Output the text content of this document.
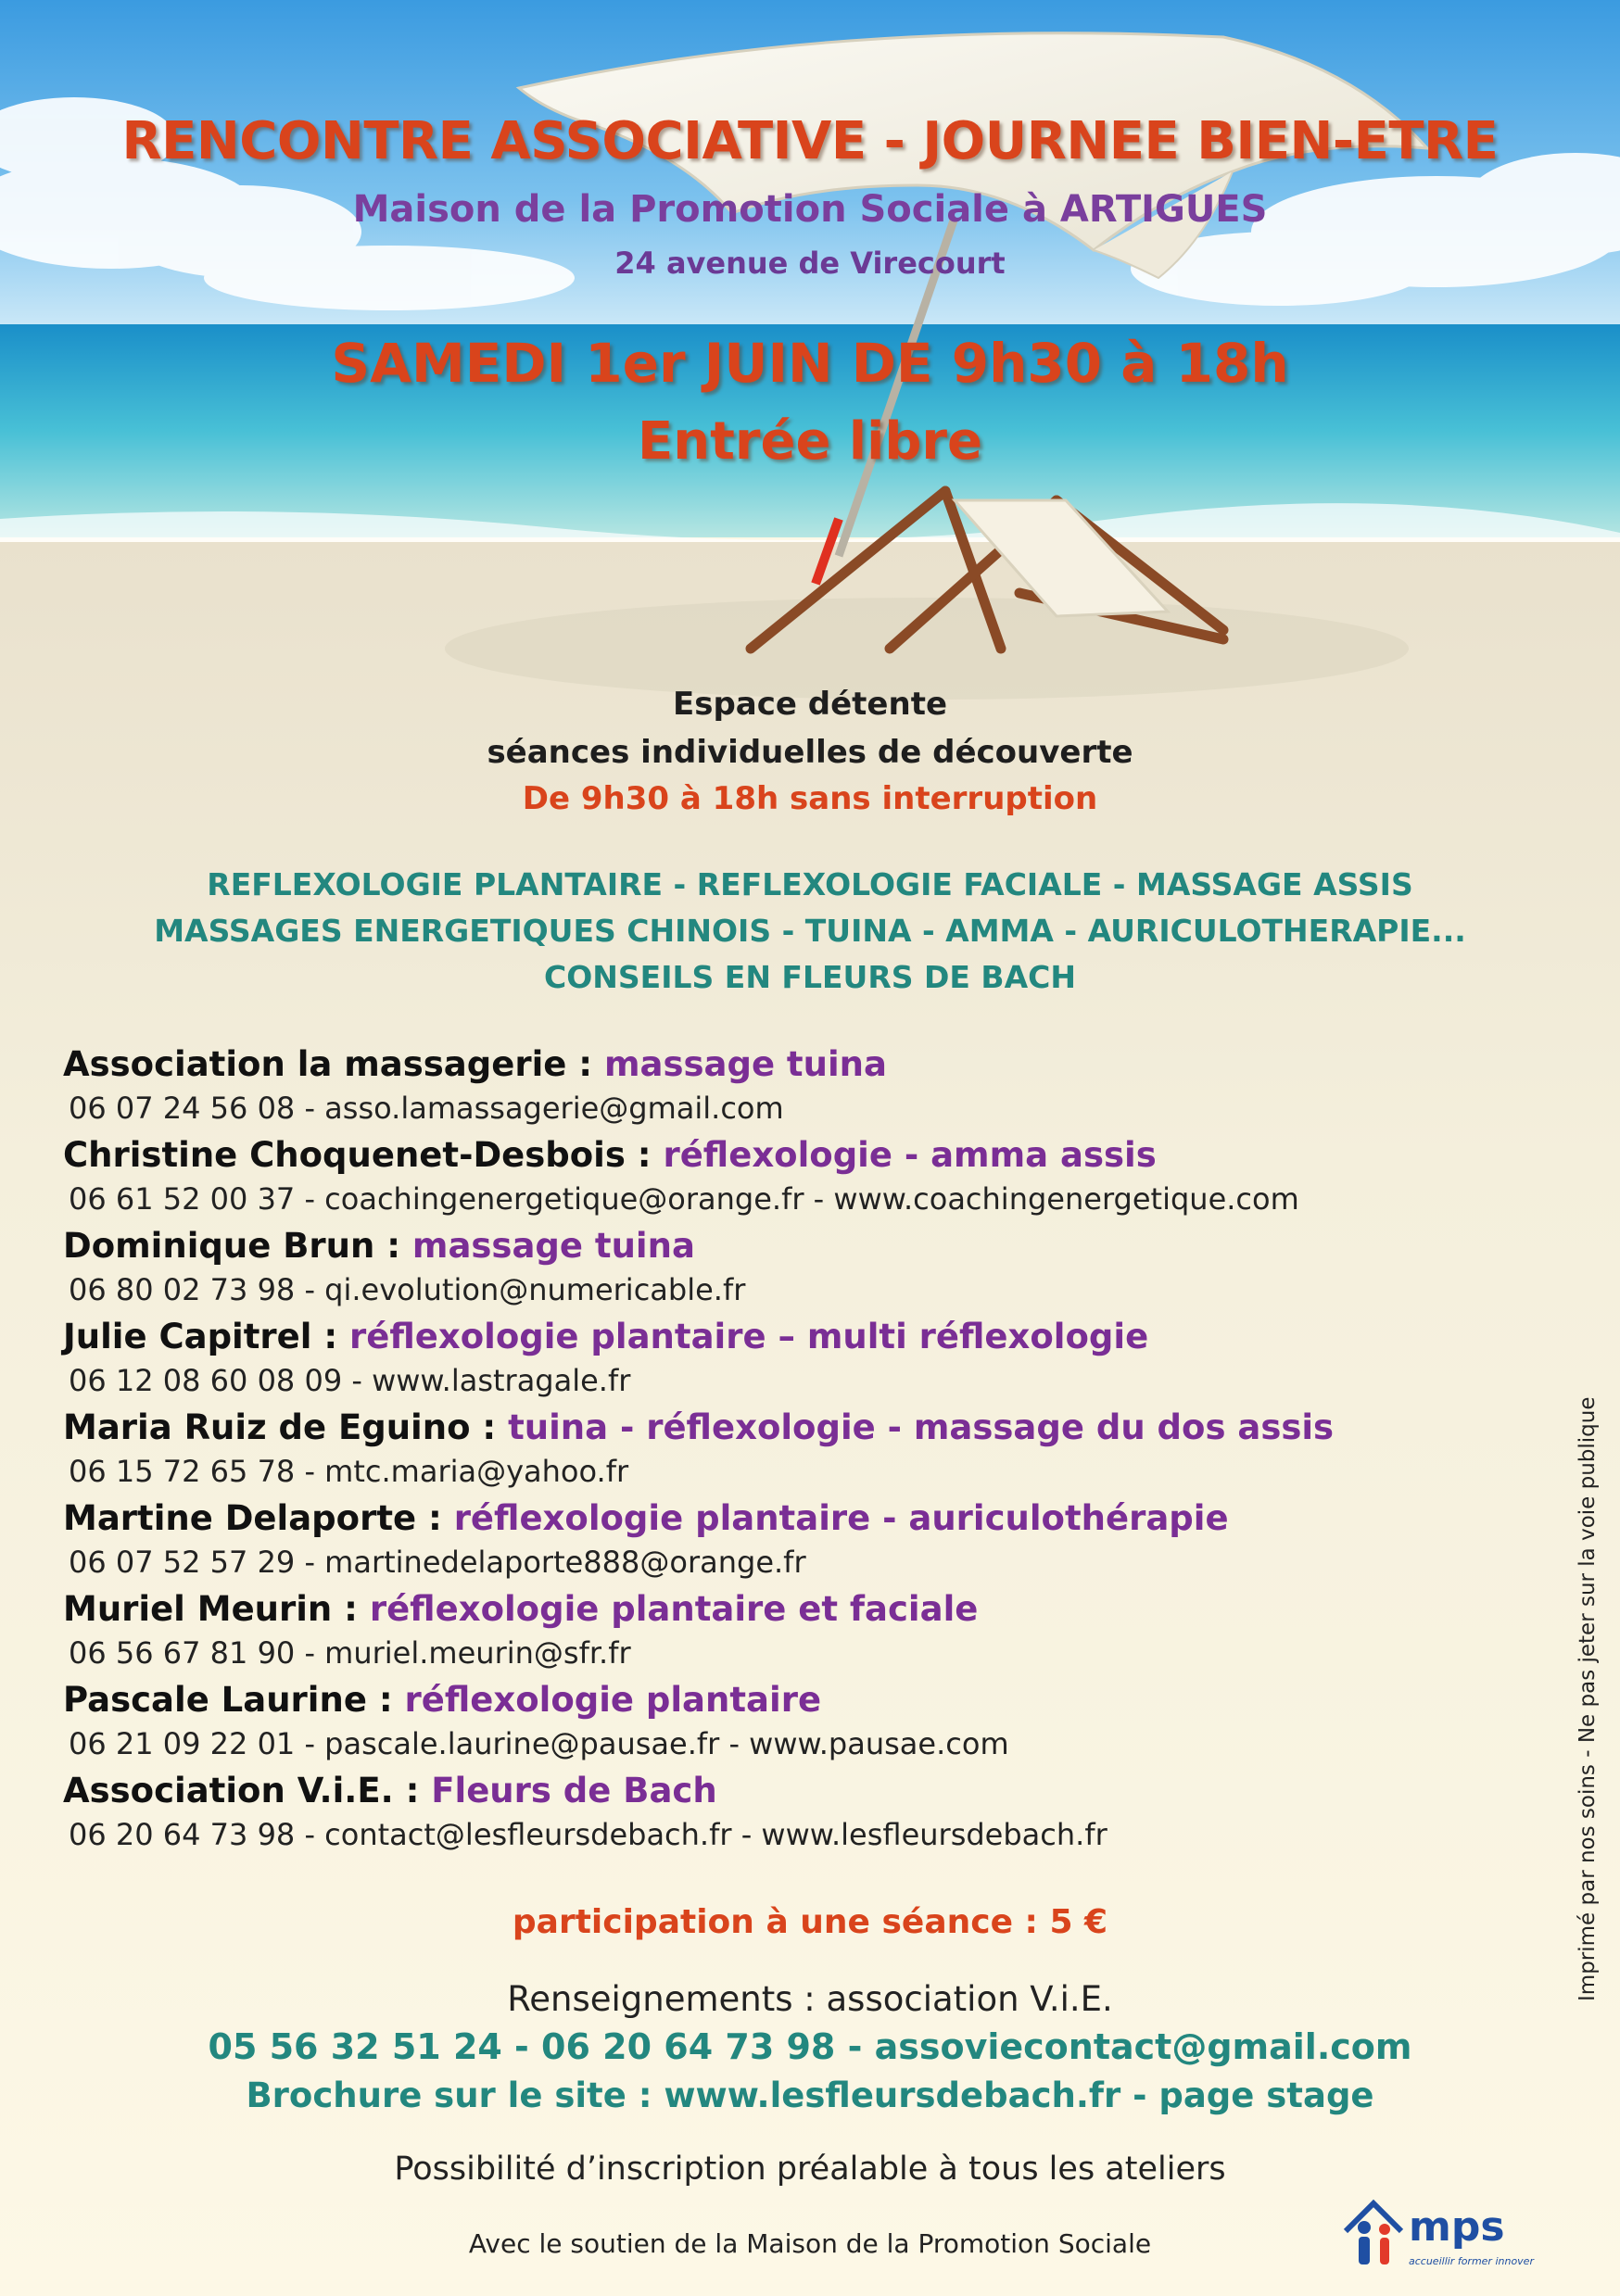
RENCONTRE ASSOCIATIVE - JOURNEE BIEN-ETRE
Maison de la Promotion Sociale à ARTIGUES
24 avenue de Virecourt
SAMEDI 1er JUIN DE 9h30 à 18h
Entrée libre
Espace détente
séances individuelles de découverte
De 9h30 à 18h sans interruption
REFLEXOLOGIE PLANTAIRE - REFLEXOLOGIE FACIALE - MASSAGE ASSIS
MASSAGES ENERGETIQUES CHINOIS - TUINA - AMMA - AURICULOTHERAPIE...
CONSEILS EN FLEURS DE BACH
Association la massagerie : massage tuina
06 07 24 56 08 - asso.lamassagerie@gmail.com
Christine Choquenet-Desbois : réflexologie - amma assis
06 61 52 00 37 - coachingenergetique@orange.fr - www.coachingenergetique.com
Dominique Brun : massage tuina
06 80 02 73 98 - qi.evolution@numericable.fr
Julie Capitrel : réflexologie plantaire – multi réflexologie
06 12 08 60 08 09 - www.lastragale.fr
Maria Ruiz de Eguino : tuina - réflexologie - massage du dos assis
06 15 72 65 78 - mtc.maria@yahoo.fr
Martine Delaporte : réflexologie plantaire - auriculothérapie
06 07 52 57 29 - martinedelaporte888@orange.fr
Muriel Meurin : réflexologie plantaire et faciale
06 56 67 81 90 - muriel.meurin@sfr.fr
Pascale Laurine : réflexologie plantaire
06 21 09 22 01 - pascale.laurine@pausae.fr - www.pausae.com
Association V.i.E. : Fleurs de Bach
06 20 64 73 98 - contact@lesfleursdebach.fr - www.lesfleursdebach.fr
participation à une séance : 5 €
Renseignements : association V.i.E.
05 56 32 51 24 - 06 20 64 73 98 - assoviecontact@gmail.com
Brochure sur le site : www.lesfleursdebach.fr - page stage
Possibilité d’inscription préalable à tous les ateliers
Avec le soutien de la Maison de la Promotion Sociale
Imprimé par nos soins - Ne pas jeter sur la voie publique
mps
accueillir former innover
